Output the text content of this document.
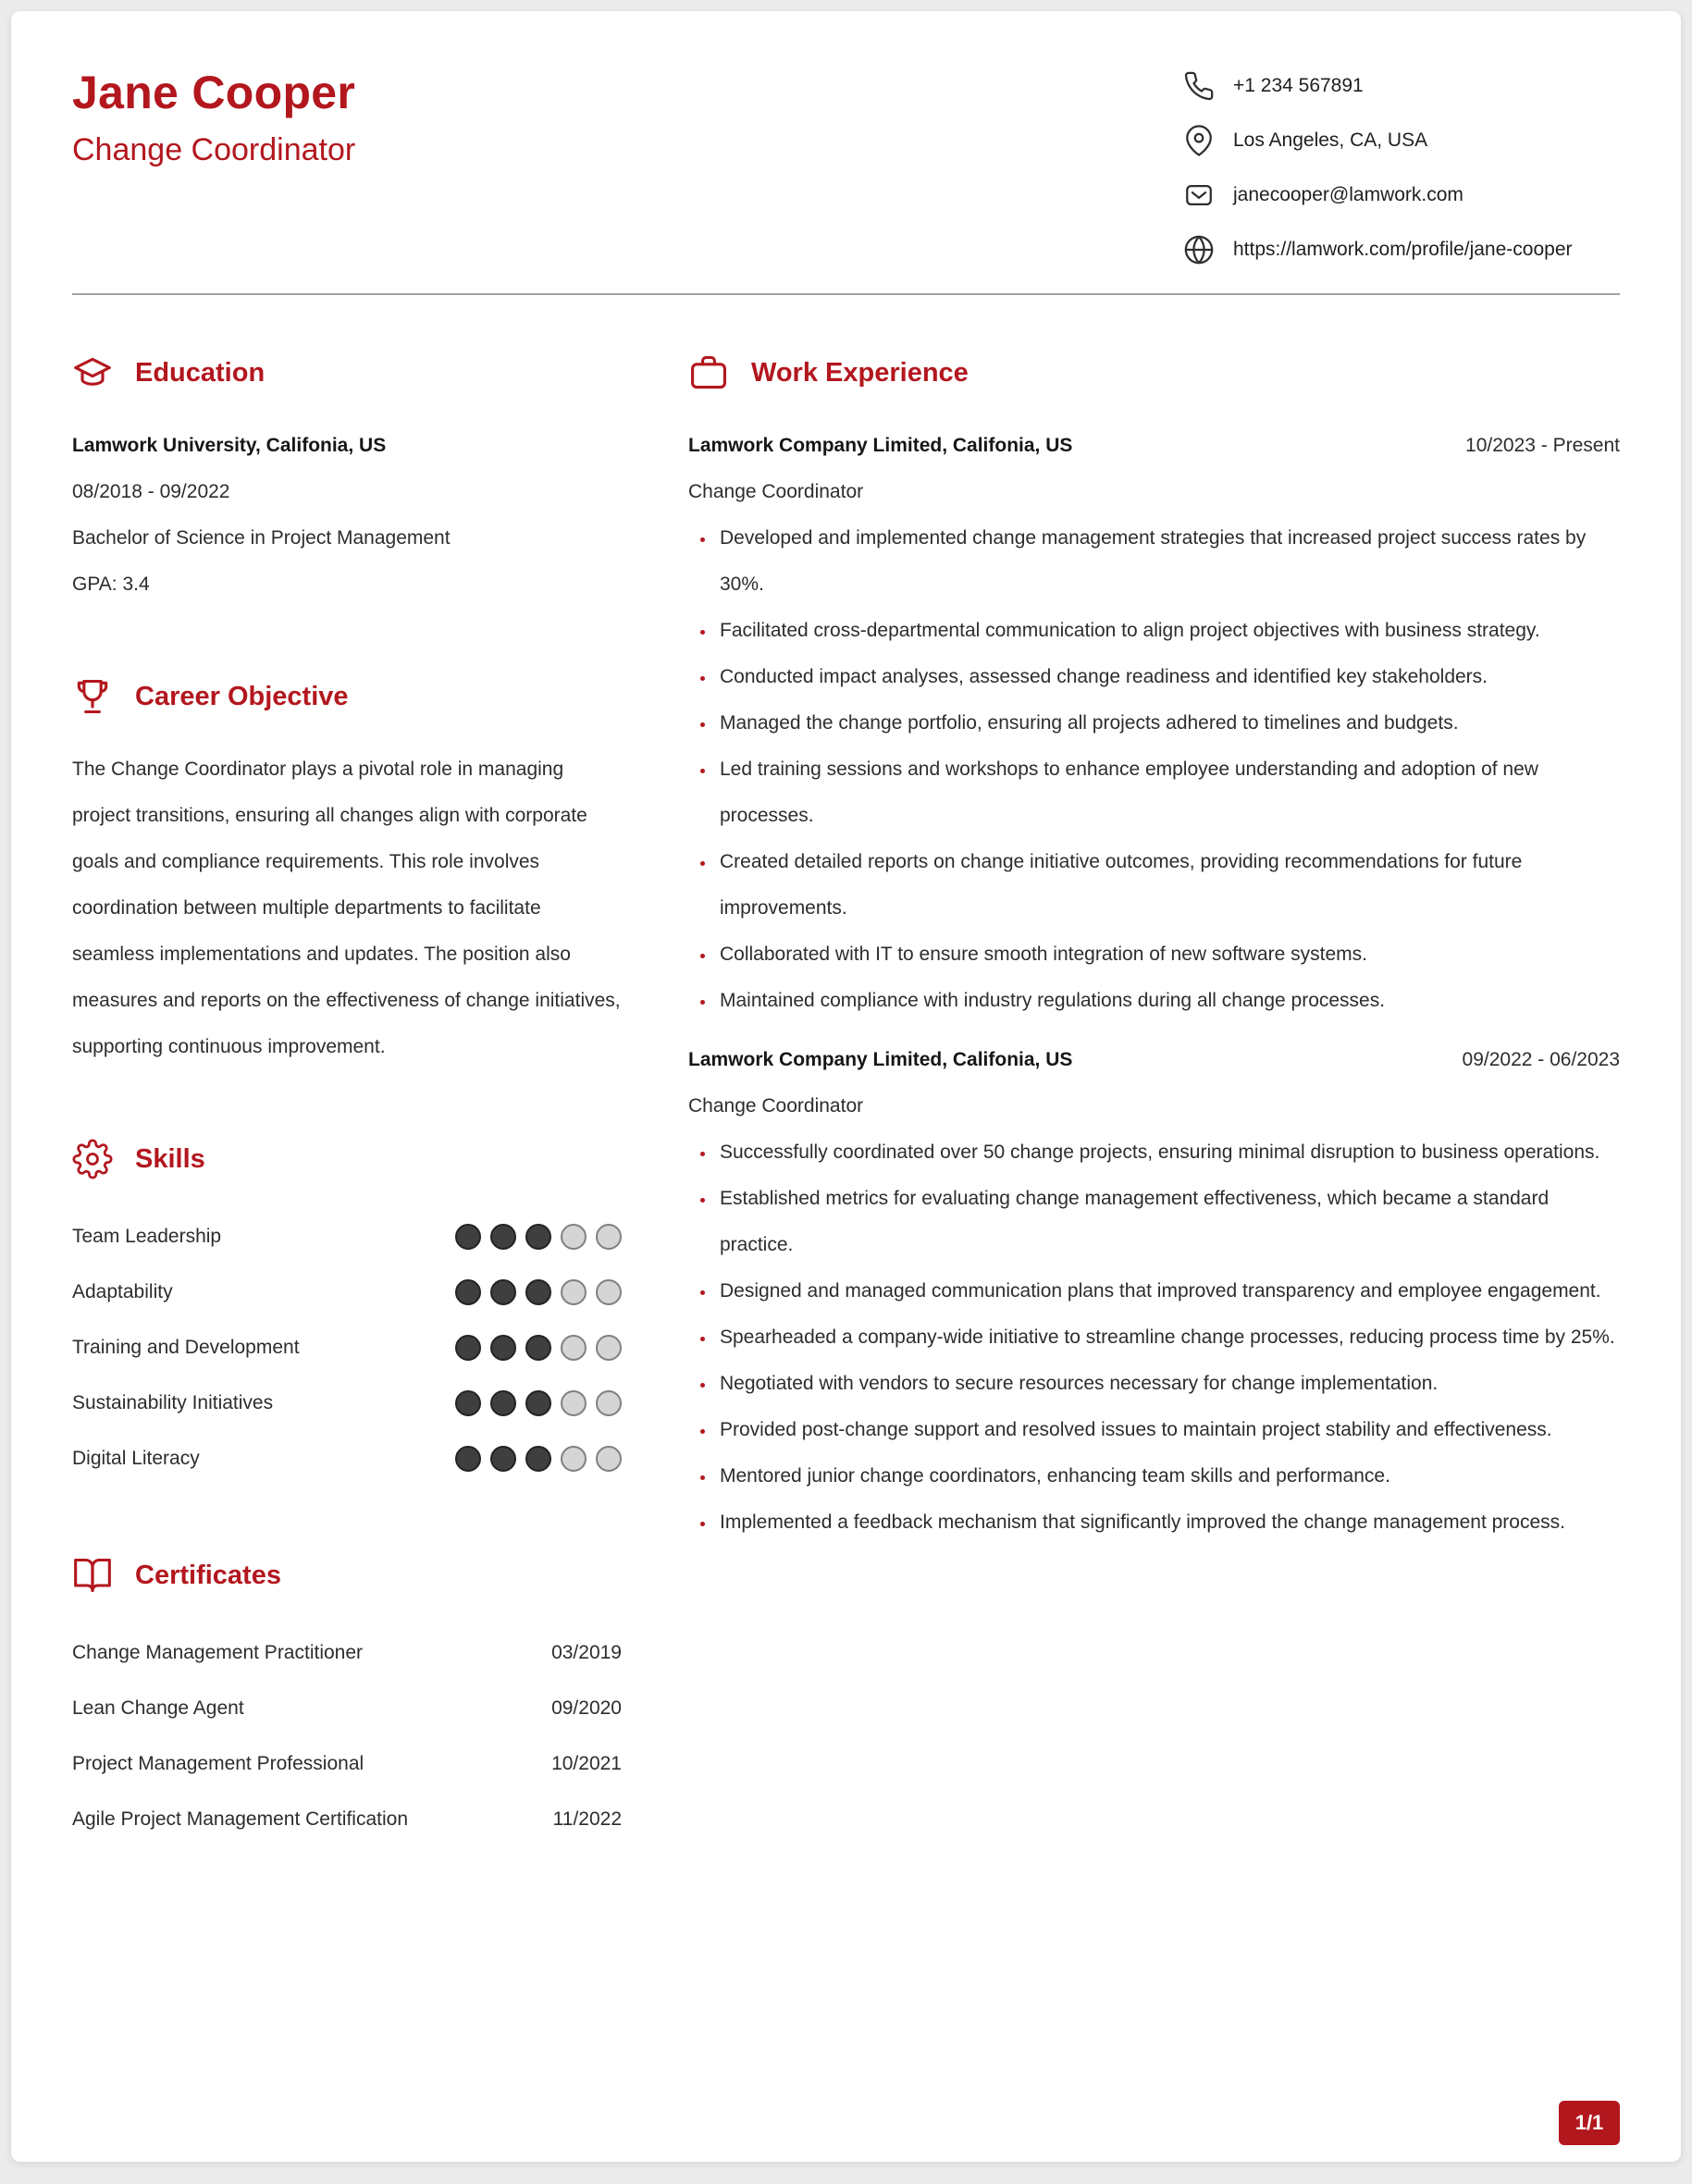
Jane Cooper
Change Coordinator
+1 234 567891
Los Angeles, CA, USA
janecooper@lamwork.com
https://lamwork.com/profile/jane-cooper
Education
Lamwork University, Califonia, US
08/2018 - 09/2022
Bachelor of Science in Project Management
GPA: 3.4
Career Objective

The Change Coordinator plays a pivotal role in managing project transitions, ensuring all changes align with corporate goals and compliance requirements. This role involves coordination between multiple departments to facilitate seamless implementations and updates. The position also measures and reports on the effectiveness of change initiatives, supporting continuous improvement.

Skills
Team Leadership
Adaptability
Training and Development
Sustainability Initiatives
Digital Literacy
Certificates
Change Management Practitioner	03/2019
Lean Change Agent	09/2020
Project Management Professional	10/2021
Agile Project Management Certification	11/2022
Work Experience
Lamwork Company Limited, Califonia, US	10/2023 - Present
Change Coordinator
• Developed and implemented change management strategies that increased project success rates by 30%.
• Facilitated cross-departmental communication to align project objectives with business strategy.
• Conducted impact analyses, assessed change readiness and identified key stakeholders.
• Managed the change portfolio, ensuring all projects adhered to timelines and budgets.
• Led training sessions and workshops to enhance employee understanding and adoption of new processes.
• Created detailed reports on change initiative outcomes, providing recommendations for future improvements.
• Collaborated with IT to ensure smooth integration of new software systems.
• Maintained compliance with industry regulations during all change processes.
Lamwork Company Limited, Califonia, US	09/2022 - 06/2023
Change Coordinator
• Successfully coordinated over 50 change projects, ensuring minimal disruption to business operations.
• Established metrics for evaluating change management effectiveness, which became a standard practice.
• Designed and managed communication plans that improved transparency and employee engagement.
• Spearheaded a company-wide initiative to streamline change processes, reducing process time by 25%.
• Negotiated with vendors to secure resources necessary for change implementation.
• Provided post-change support and resolved issues to maintain project stability and effectiveness.
• Mentored junior change coordinators, enhancing team skills and performance.
• Implemented a feedback mechanism that significantly improved the change management process.
1/1
